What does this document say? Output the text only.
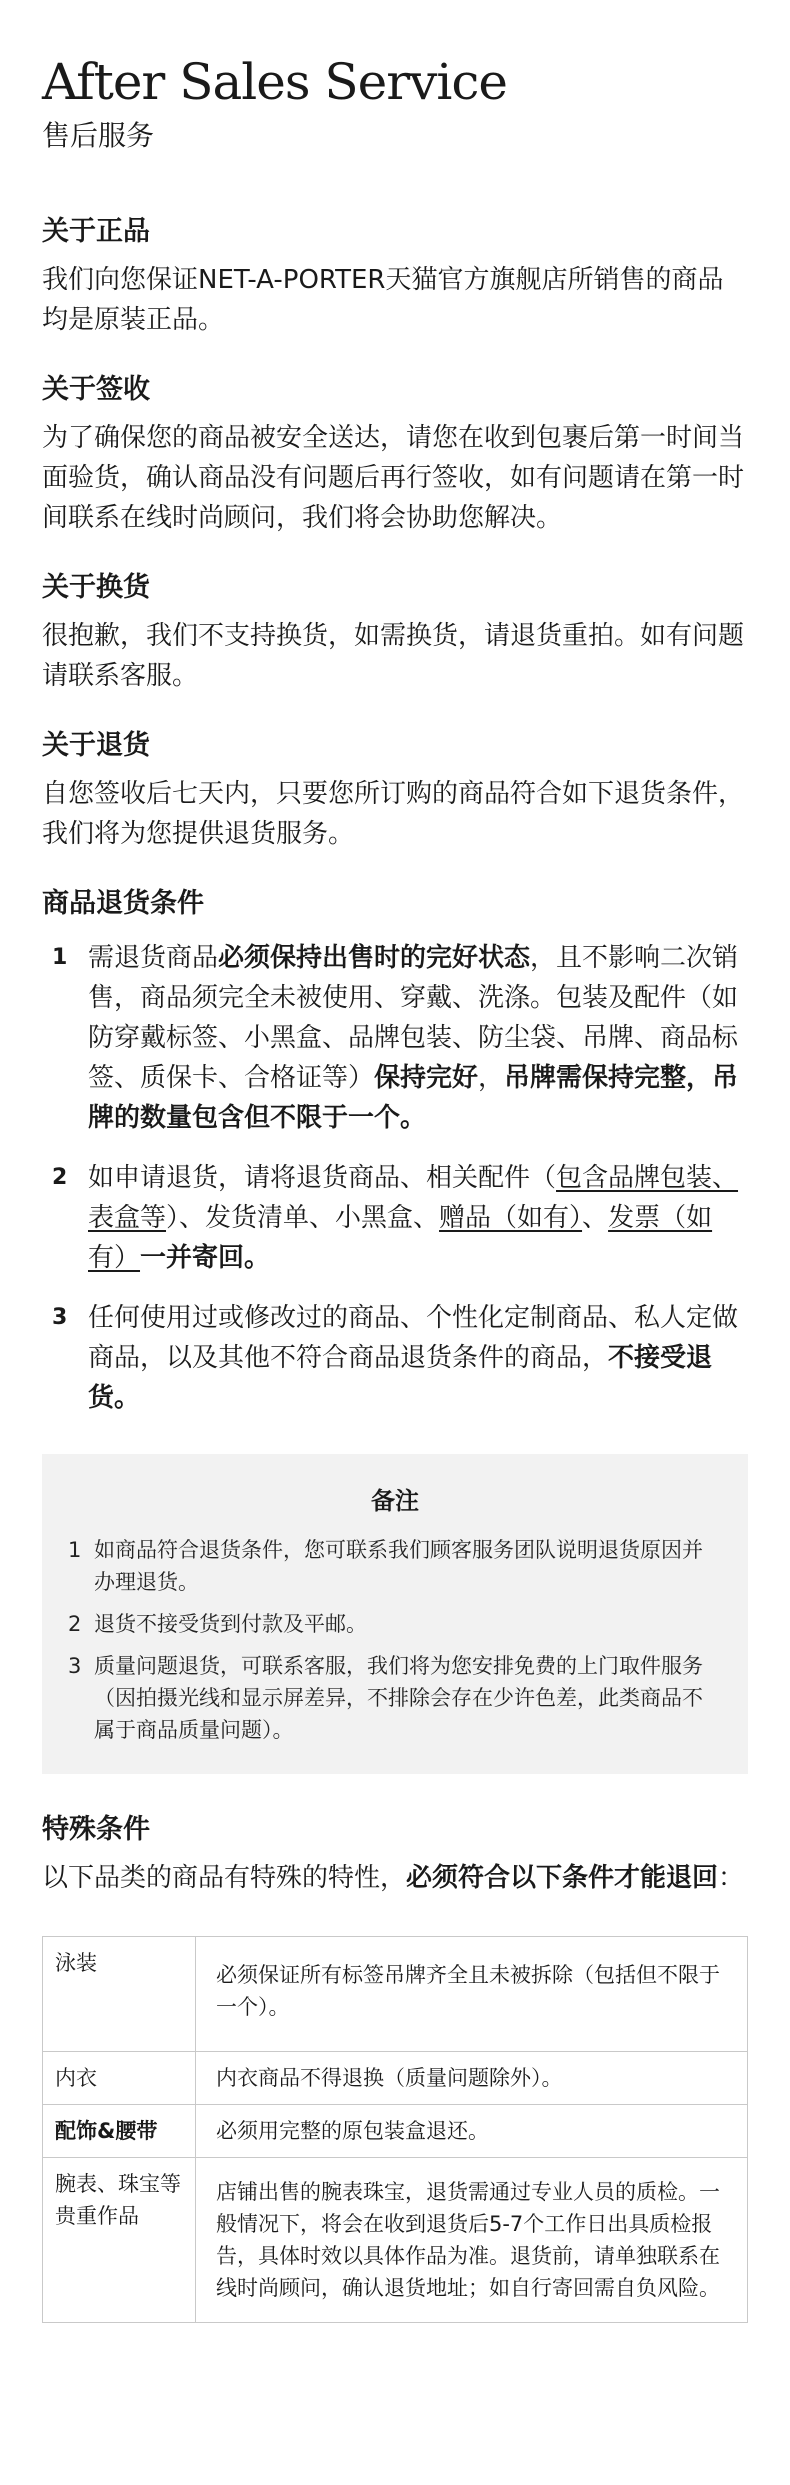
After Sales Service
售后服务
关于正品
我们向您保证NET-A-PORTER天猫官方旗舰店所销售的商品均是原装正品。
关于签收
为了确保您的商品被安全送达，请您在收到包裹后第一时间当面验货，确认商品没有问题后再行签收，如有问题请在第一时间联系在线时尚顾问，我们将会协助您解决。
关于换货
很抱歉，我们不支持换货，如需换货，请退货重拍。如有问题请联系客服。
关于退货
自您签收后七天内，只要您所订购的商品符合如下退货条件，我们将为您提供退货服务。
商品退货条件
1 需退货商品必须保持出售时的完好状态，且不影响二次销售，商品须完全未被使用、穿戴、洗涤。包装及配件（如防穿戴标签、小黑盒、品牌包装、防尘袋、吊牌、商品标签、质保卡、合格证等）保持完好，吊牌需保持完整，吊牌的数量包含但不限于一个。
2 如申请退货，请将退货商品、相关配件（包含品牌包装、表盒等）、发货清单、小黑盒、赠品（如有）、发票（如有）一并寄回。
3 任何使用过或修改过的商品、个性化定制商品、私人定做商品，以及其他不符合商品退货条件的商品，不接受退货。
备注
1 如商品符合退货条件，您可联系我们顾客服务团队说明退货原因并办理退货。
2 退货不接受货到付款及平邮。
3 质量问题退货，可联系客服，我们将为您安排免费的上门取件服务（因拍摄光线和显示屏差异，不排除会存在少许色差，此类商品不属于商品质量问题）。
特殊条件
以下品类的商品有特殊的特性，必须符合以下条件才能退回：
泳装	必须保证所有标签吊牌齐全且未被拆除（包括但不限于一个）。
内衣	内衣商品不得退换（质量问题除外）。
配饰&腰带	必须用完整的原包装盒退还。
腕表、珠宝等贵重作品	店铺出售的腕表珠宝，退货需通过专业人员的质检。一般情况下，将会在收到退货后5-7个工作日出具质检报告，具体时效以具体作品为准。退货前，请单独联系在线时尚顾问，确认退货地址；如自行寄回需自负风险。
